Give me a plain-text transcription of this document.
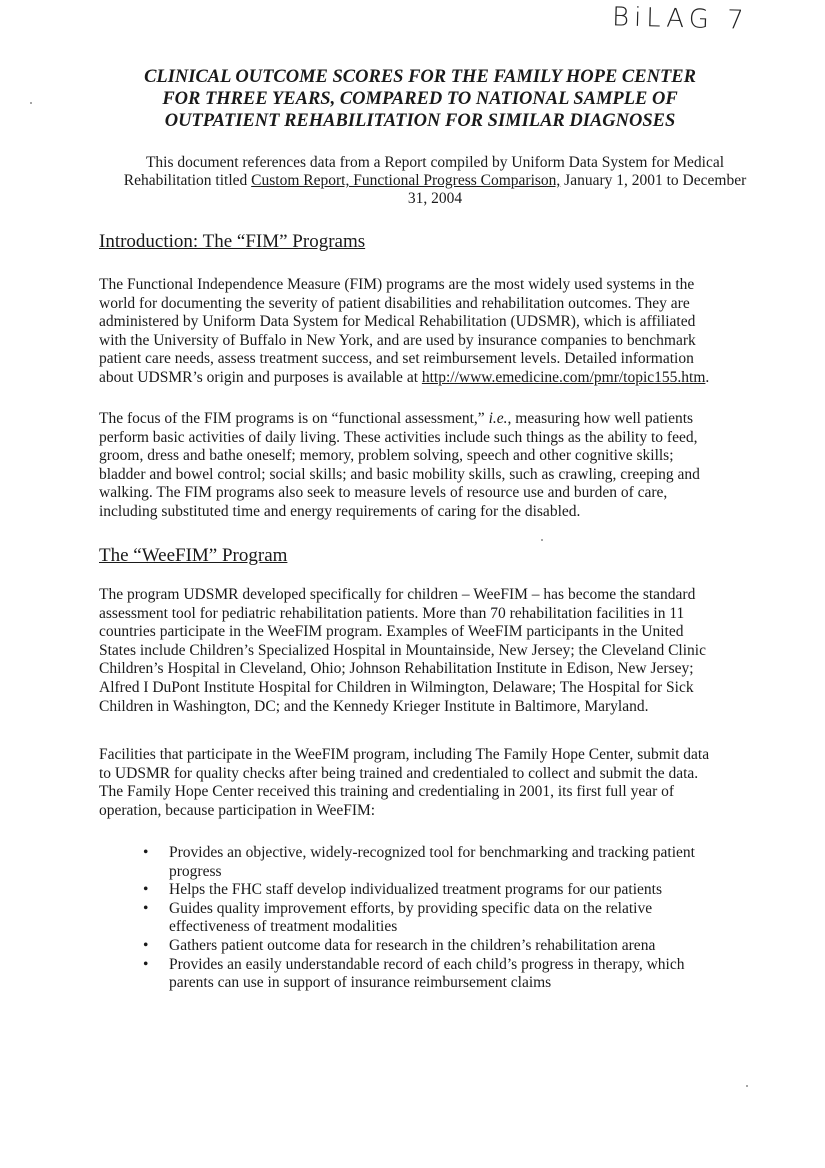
BiLAG 7
CLINICAL OUTCOME SCORES FOR THE FAMILY HOPE CENTER
FOR THREE YEARS, COMPARED TO NATIONAL SAMPLE OF
OUTPATIENT REHABILITATION FOR SIMILAR DIAGNOSES
This document references data from a Report compiled by Uniform Data System for Medical
Rehabilitation titled Custom Report, Functional Progress Comparison, January 1, 2001 to December
31, 2004
Introduction: The “FIM” Programs
The Functional Independence Measure (FIM) programs are the most widely used systems in the
world for documenting the severity of patient disabilities and rehabilitation outcomes. They are
administered by Uniform Data System for Medical Rehabilitation (UDSMR), which is affiliated
with the University of Buffalo in New York, and are used by insurance companies to benchmark
patient care needs, assess treatment success, and set reimbursement levels. Detailed information
about UDSMR’s origin and purposes is available at http://www.emedicine.com/pmr/topic155.htm.
The focus of the FIM programs is on “functional assessment,” i.e., measuring how well patients
perform basic activities of daily living. These activities include such things as the ability to feed,
groom, dress and bathe oneself; memory, problem solving, speech and other cognitive skills;
bladder and bowel control; social skills; and basic mobility skills, such as crawling, creeping and
walking. The FIM programs also seek to measure levels of resource use and burden of care,
including substituted time and energy requirements of caring for the disabled.
The “WeeFIM” Program
The program UDSMR developed specifically for children – WeeFIM – has become the standard
assessment tool for pediatric rehabilitation patients. More than 70 rehabilitation facilities in 11
countries participate in the WeeFIM program. Examples of WeeFIM participants in the United
States include Children’s Specialized Hospital in Mountainside, New Jersey; the Cleveland Clinic
Children’s Hospital in Cleveland, Ohio; Johnson Rehabilitation Institute in Edison, New Jersey;
Alfred I DuPont Institute Hospital for Children in Wilmington, Delaware; The Hospital for Sick
Children in Washington, DC; and the Kennedy Krieger Institute in Baltimore, Maryland.
Facilities that participate in the WeeFIM program, including The Family Hope Center, submit data
to UDSMR for quality checks after being trained and credentialed to collect and submit the data.
The Family Hope Center received this training and credentialing in 2001, its first full year of
operation, because participation in WeeFIM:
• Provides an objective, widely-recognized tool for benchmarking and tracking patient
progress
• Helps the FHC staff develop individualized treatment programs for our patients
• Guides quality improvement efforts, by providing specific data on the relative
effectiveness of treatment modalities
• Gathers patient outcome data for research in the children’s rehabilitation arena
• Provides an easily understandable record of each child’s progress in therapy, which
parents can use in support of insurance reimbursement claims
